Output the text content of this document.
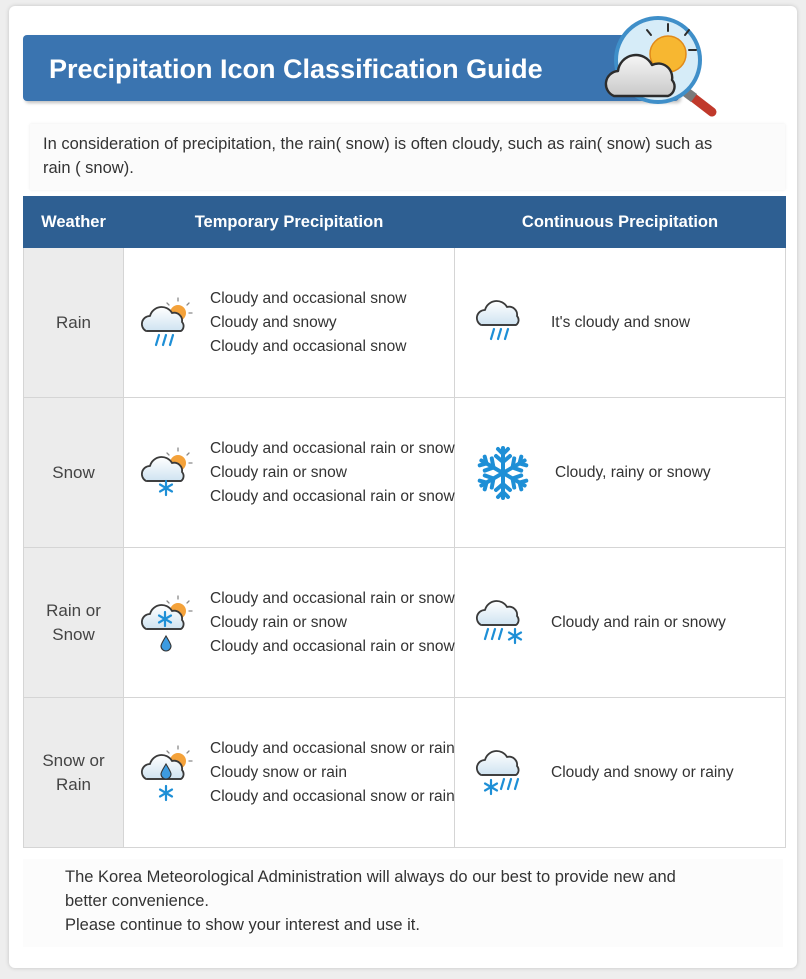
Precipitation Icon Classification Guide
In consideration of precipitation, the rain( snow) is often cloudy, such as rain( snow) such as rain ( snow).
Weather	Temporary Precipitation	Continuous Precipitation
Rain	Cloudy and occasional snow
Cloudy and snowy
Cloudy and occasional snow	It's cloudy and snow

Snow	Cloudy and occasional rain or snow
Cloudy rain or snow
Cloudy and occasional rain or snow	Cloudy, rainy or snowy

Rain or Snow	Cloudy and occasional rain or snow
Cloudy rain or snow
Cloudy and occasional rain or snow	Cloudy and rain or snowy

Snow or Rain	Cloudy and occasional snow or rain
Cloudy snow or rain
Cloudy and occasional snow or rain	Cloudy and snowy or rainy
The Korea Meteorological Administration will always do our best to provide new and better convenience.
Please continue to show your interest and use it.
